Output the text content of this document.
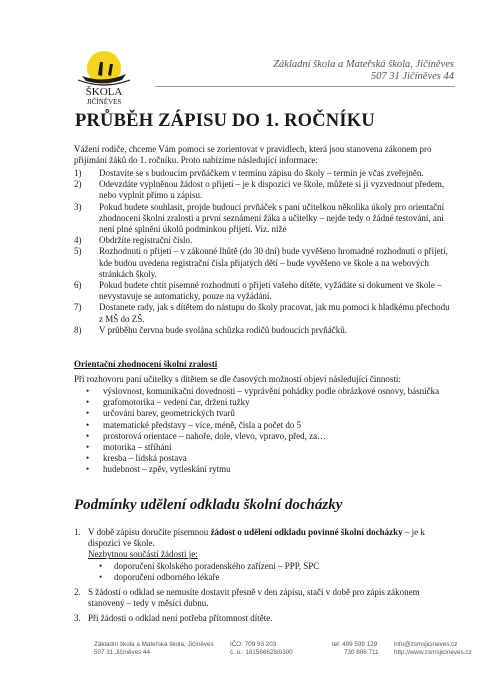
ŠKOLA
JIČÍNĚVES
Základní škola a Mateřská škola, Jičíněves
507 31 Jičíněves 44
PRŮBĚH ZÁPISU DO 1. ROČNÍKU
Vážení rodiče, chceme Vám pomoci se zorientovat v pravidlech, která jsou stanovena zákonem pro přijímání žáků do 1. ročníku. Proto nabízíme následující informace:
1) Dostavíte se s budoucím prvňáčkem v termínu zápisu do školy – termín je včas zveřejněn.
2) Odevzdáte vyplněnou žádost o přijetí – je k dispozici ve škole, můžete si ji vyzvednout předem, nebo vyplnit přímo u zápisu.
3) Pokud budete souhlasit, projde budoucí prvňáček s paní učitelkou několika úkoly pro orientační zhodnocení školní zralosti a první seznámení žáka a učitelky – nejde tedy o žádné testování, ani není plné splnění úkolů podmínkou přijetí. Viz. níže
4) Obdržíte registrační číslo.
5) Rozhodnutí o přijetí – v zákonné lhůtě (do 30 dní) bude vyvěšeno hromadné rozhodnutí o přijetí, kde budou uvedena registrační čísla přijatých dětí – bude vyvěšeno ve škole a na webových stránkách školy.
6) Pokud budete chtít písemné rozhodnutí o přijetí vašeho dítěte, vyžádáte si dokument ve škole – nevystavuje se automaticky, pouze na vyžádání.
7) Dostanete rady, jak s dítětem do nástupu do školy pracovat, jak mu pomoci k hladkému přechodu z MŠ do ZŠ.
8) V průběhu června bude svolána schůzka rodičů budoucích prvňáčků.
Orientační zhodnocení školní zralosti
Při rozhovoru paní učitelky s dítětem se dle časových možností objeví následující činnosti:
• výslovnost, komunikační dovednosti – vyprávění pohádky podle obrázkové osnovy, básnička
• grafomotorika – vedení čar, držení tužky
• určování barev, geometrických tvarů
• matematické představy – více, méně, čísla a počet do 5
• prostorová orientace – nahoře, dole, vlevo, vpravo, před, za…
• motorika – stříhání
• kresba – lidská postava
• hudebnost – zpěv, vytleskání rytmu
Podmínky udělení odkladu školní docházky
1. V době zápisu doručíte písemnou žádost o udělení odkladu povinné školní docházky – je k dispozici ve škole.
Nezbytnou součástí žádosti je:
• doporučení školského poradenského zařízení – PPP, SPC
• doporučení odborného lékaře
2. S žádostí o odklad se nemusíte dostavit přesně v den zápisu, stačí v době pro zápis zákonem stanovený – tedy v měsíci dubnu.
3. Při žádosti o odklad není potřeba přítomnost dítěte.
Základní škola a Mateřská škola, Jičíněves
507 31 Jičíněves 44
IČO: 709 93 203
č. ú.: 181566628/0300
tel: 499 599 129
730 806 711
info@zsmsjicineves.cz
http://www.zsmsjicineves.cz
